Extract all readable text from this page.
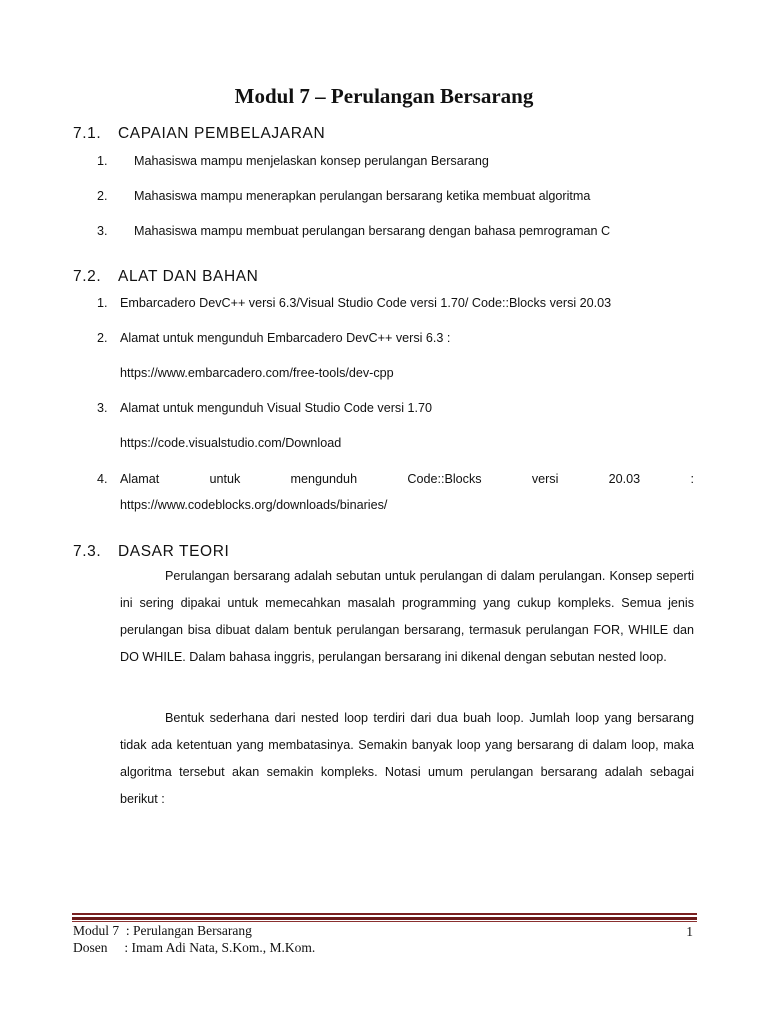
Modul 7 – Perulangan Bersarang
7.1. CAPAIAN PEMBELAJARAN
1. Mahasiswa mampu menjelaskan konsep perulangan Bersarang
2. Mahasiswa mampu menerapkan perulangan bersarang ketika membuat algoritma
3. Mahasiswa mampu membuat perulangan bersarang dengan bahasa pemrograman C
7.2. ALAT DAN BAHAN
1. Embarcadero DevC++ versi 6.3/Visual Studio Code versi 1.70/ Code::Blocks versi 20.03
2. Alamat untuk mengunduh Embarcadero DevC++ versi 6.3 :
https://www.embarcadero.com/free-tools/dev-cpp
3. Alamat untuk mengunduh Visual Studio Code versi 1.70
https://code.visualstudio.com/Download
4. Alamat	untuk	mengunduh	Code::Blocks	versi	20.03	:
https://www.codeblocks.org/downloads/binaries/
7.3. DASAR TEORI

Perulangan bersarang adalah sebutan untuk perulangan di dalam perulangan. Konsep seperti ini sering dipakai untuk memecahkan masalah programming yang cukup kompleks. Semua jenis perulangan bisa dibuat dalam bentuk perulangan bersarang, termasuk perulangan FOR, WHILE dan DO WHILE. Dalam bahasa inggris, perulangan bersarang ini dikenal dengan sebutan nested loop.

Bentuk sederhana dari nested loop terdiri dari dua buah loop. Jumlah loop yang bersarang tidak ada ketentuan yang membatasinya. Semakin banyak loop yang bersarang di dalam loop, maka algoritma tersebut akan semakin kompleks. Notasi umum perulangan bersarang adalah sebagai berikut :

Modul 7  : Perulangan Bersarang
Dosen     : Imam Adi Nata, S.Kom., M.Kom.
1
